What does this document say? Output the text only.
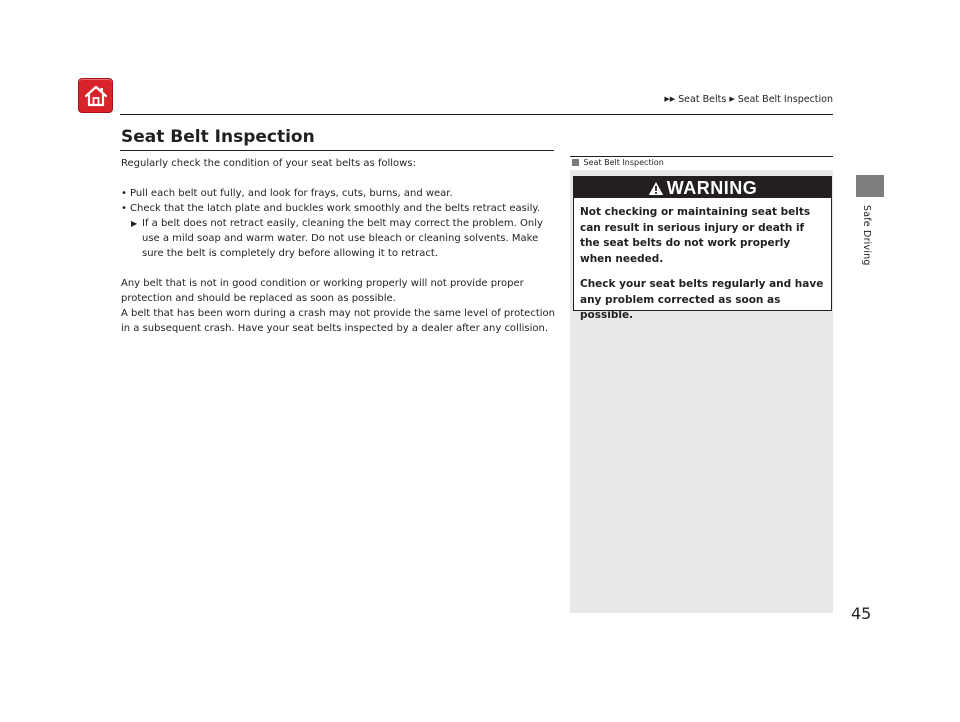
▶▶ Seat Belts ▶ Seat Belt Inspection
Safe Driving
45
Seat Belt Inspection

Regularly check the condition of your seat belts as follows:

• Pull each belt out fully, and look for frays, cuts, burns, and wear.

• Check that the latch plate and buckles work smoothly and the belts retract easily.

▶ If a belt does not retract easily, cleaning the belt may correct the problem. Only use a mild soap and warm water. Do not use bleach or cleaning solvents. Make sure the belt is completely dry before allowing it to retract.

Any belt that is not in good condition or working properly will not provide proper protection and should be replaced as soon as possible.

A belt that has been worn during a crash may not provide the same level of protection in a subsequent crash. Have your seat belts inspected by a dealer after any collision.

Seat Belt Inspection
WARNING

Not checking or maintaining seat belts can result in serious injury or death if the seat belts do not work properly when needed.

Check your seat belts regularly and have any problem corrected as soon as possible.
